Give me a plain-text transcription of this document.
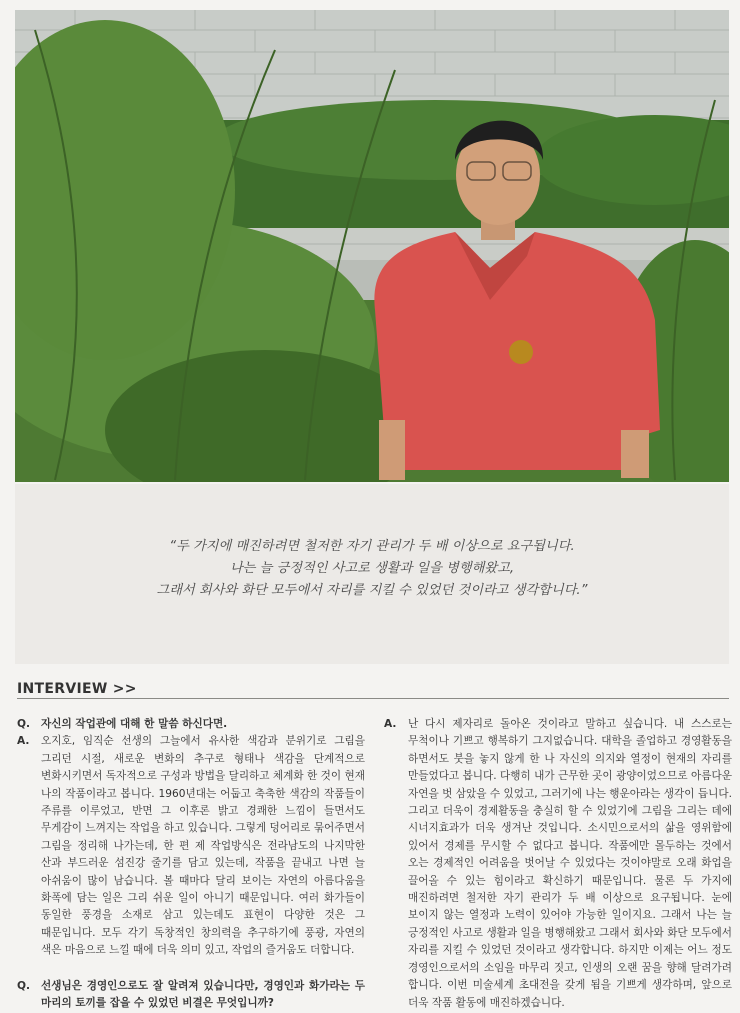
“두 가지에 매진하려면 철저한 자기 관리가 두 배 이상으로 요구됩니다.
나는 늘 긍정적인 사고로 생활과 일을 병행해왔고,
그래서 회사와 화단 모두에서 자리를 지킬 수 있었던 것이라고 생각합니다.”
INTERVIEW >>
Q.	자신의 작업관에 대해 한 말씀 하신다면.
A.	오지호, 임직순 선생의 그늘에서 유사한 색감과 분위기로 그림을 그리던 시절, 새로운 변화의 추구로 형태나 색감을 단계적으로 변화시키면서 독자적으로 구성과 방법을 달리하고 체계화 한 것이 현재 나의 작품이라고 봅니다. 1960년대는 어둡고 축축한 색감의 작품들이 주류를 이루었고, 반면 그 이후론 밝고 경쾌한 느낌이 들면서도 무게감이 느껴지는 작업을 하고 있습니다. 그렇게 덩어리로 묶어주면서 그림을 정리해 나가는데, 한 편 제 작업방식은 전라남도의 나지막한 산과 부드러운 섬진강 줄기를 담고 있는데, 작품을 끝내고 나면 늘 아쉬움이 많이 남습니다. 볼 때마다 달리 보이는 자연의 아름다움을 화폭에 담는 일은 그리 쉬운 일이 아니기 때문입니다. 여러 화가들이 동일한 풍경을 소재로 삼고 있는데도 표현이 다양한 것은 그 때문입니다. 모두 각기 독창적인 창의력을 추구하기에 풍광, 자연의 색은 마음으로 느낄 때에 더욱 의미 있고, 작업의 즐거움도 더합니다.
Q.	선생님은 경영인으로도 잘 알려져 있습니다만, 경영인과 화가라는 두 마리의 토끼를 잡을 수 있었던 비결은 무엇입니까?
A.	난 다시 제자리로 돌아온 것이라고 말하고 싶습니다. 내 스스로는 무척이나 기쁘고 행복하기 그지없습니다. 대학을 졸업하고 경영활동을 하면서도 붓을 놓지 않게 한 나 자신의 의지와 열정이 현재의 자리를 만들었다고 봅니다. 다행히 내가 근무한 곳이 광양이었으므로 아름다운 자연을 벗 삼았을 수 있었고, 그러기에 나는 행운아라는 생각이 듭니다. 그리고 더욱이 경제활동을 충실히 할 수 있었기에 그림을 그리는 데에 시너지효과가 더욱 생겨난 것입니다. 소시민으로서의 삶을 영위함에 있어서 경제를 무시할 수 없다고 봅니다. 작품에만 몰두하는 것에서 오는 경제적인 어려움을 벗어날 수 있었다는 것이야말로 오래 화업을 끌어올 수 있는 힘이라고 확신하기 때문입니다. 물론 두 가지에 매진하려면 철저한 자기 관리가 두 배 이상으로 요구됩니다. 눈에 보이지 않는 열정과 노력이 있어야 가능한 일이지요. 그래서 나는 늘 긍정적인 사고로 생활과 일을 병행해왔고 그래서 회사와 화단 모두에서 자리를 지킬 수 있었던 것이라고 생각합니다. 하지만 이제는 어느 정도 경영인으로서의 소임을 마무리 짓고, 인생의 오랜 꿈을 향해 달려가려 합니다. 이번 미술세계 초대전을 갖게 됨을 기쁘게 생각하며, 앞으로 더욱 작품 활동에 매진하겠습니다.
